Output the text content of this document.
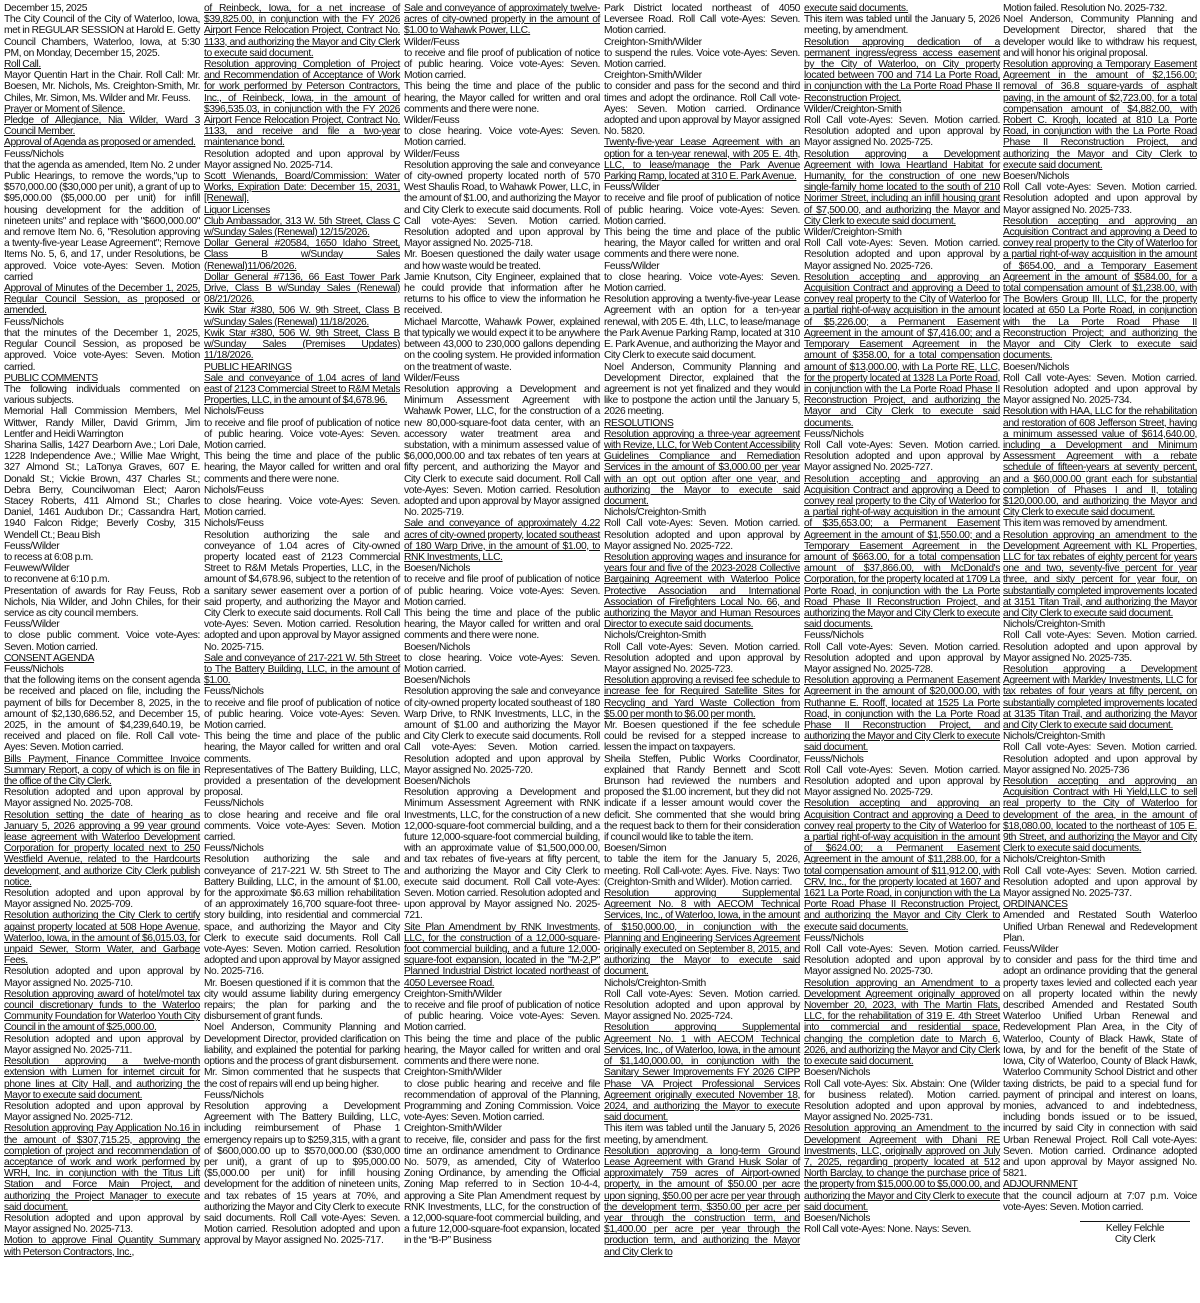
December 15, 2025

The City Council of the City of Waterloo, Iowa, met in REGULAR SESSION at Harold E. Getty Council Chambers, Waterloo, Iowa, at 5:30 PM, on Monday, December 15, 2025.

Roll Call.

Mayor Quentin Hart in the Chair. Roll Call: Mr. Boesen, Mr. Nichols, Ms. Creighton-Smith, Mr. Chiles, Mr. Simon, Ms. Wilder and Mr. Feuss.

Prayer or Moment of Silence.

Pledge of Allegiance, Nia Wilder, Ward 3 Council Member.

Approval of Agenda as proposed or amended.

Feuss/Nichols

that the agenda as amended, Item No. 2 under Public Hearings, to remove the words,"up to $570,000.00 ($30,000 per unit), a grant of up to $95,000.00 ($5,000.00 per unit) for infill housing development for the addition of nineteen units" and replace with "$600,000.00" and remove Item No. 6, "Resolution approving a twenty-five-year Lease Agreement"; Remove Items No. 5, 6, and 17, under Resolutions, be approved. Voice vote-Ayes: Seven. Motion carried

Approval of Minutes of the December 1, 2025, Regular Council Session, as proposed or amended.

Feuss/Nichols

that the minutes of the December 1, 2025, Regular Council Session, as proposed be approved. Voice vote-Ayes: Seven. Motion carried.

PUBLIC COMMENTS

The following individuals commented on various subjects.

Memorial Hall Commission Members, Mel Wittwer, Randy Miller, David Grimm, Jim Lentfer and Heidi Warrington

Sharina Sallis, 1427 Dearborn Ave.; Lori Dale, 1228 Independence Ave.; Willie Mae Wright, 327 Almond St.; LaTonya Graves, 607 E. Donald St.; Vickie Brown, 437 Charles St.; Debra Berry, Councilwoman Elect; Aaron Stacey Roberts, 411 Almond St.; Charles Daniel, 1461 Audubon Dr.; Cassandra Hart, 1940 Falcon Ridge; Beverly Cosby, 315 Wendell Ct.; Beau Bish

Feuss/Wilder

to recess at 6:08 p.m.

Feuwew/Wilder

to reconvene at 6:10 p.m.

Presentation of awards for Ray Feuss, Rob Nichols, Nia Wilder, and John Chiles, for their service as city council members.

Feuss/Wilder

to close public comment. Voice vote-Ayes: Seven. Motion carried.

CONSENT AGENDA

Feuss/Nichols

that the following items on the consent agenda be received and placed on file, including the payment of bills for December 8, 2025, in the amount of $2,130,686.52, and December 15, 2025, in the amount of $4,239,640.19, be received and placed on file. Roll Call vote-Ayes: Seven. Motion carried.

Bills Payment, Finance Committee Invoice Summary Report, a copy of which is on file in the office of the City Clerk.

Resolution adopted and upon approval by Mayor assigned No. 2025-708.

Resolution setting the date of hearing as January 5, 2026 approving a 99 year ground lease agreement with Waterloo Development Corporation for property located next to 250 Westfield Avenue, related to the Hardcourts development, and authorize City Clerk publish notice.

Resolution adopted and upon approval by Mayor assigned No. 2025-709.

Resolution authorizing the City Clerk to certify against property located at 508 Hope Avenue, Waterloo, Iowa, in the amount of $6,015.03, for unpaid Sewer, Storm Water, and Garbage Fees.

Resolution adopted and upon approval by Mayor assigned No. 2025-710.

Resolution approving award of hotel/motel tax council discretionary funds to the Waterloo Community Foundation for Waterloo Youth City Council in the amount of $25,000.00.

Resolution adopted and upon approval by Mayor assigned No. 2025-711.

Resolution approving a twelve-month extension with Lumen for internet circuit for phone lines at City Hall, and authorizing the Mayor to execute said document.

Resolution adopted and upon approval by Mayor assigned No. 2025-712.

Resolution approving Pay Application No.16 in the amount of $307,715.25, approving the completion of project and recommendation of acceptance of work and work performed by WRH, Inc. in conjunction with the Titus Lift Station and Force Main Project, and authorizing the Project Manager to execute said document.

Resolution adopted and upon approval by Mayor assigned No. 2025-713.

Motion to approve Final Quantity Summary with Peterson Contractors, Inc.,

of Reinbeck, Iowa, for a net increase of $39,825.00, in conjunction with the FY 2026 Airport Fence Relocation Project, Contract No. 1133, and authorizing the Mayor and City Clerk to execute said document.

Resolution approving Completion of Project and Recommendation of Acceptance of Work for work performed by Peterson Contractors, Inc., of Reinbeck, Iowa, in the amount of $396,535.03, in conjunction with the FY 2026 Airport Fence Relocation Project, Contract No. 1133, and receive and file a two-year maintenance bond.

Resolution adopted and upon approval by Mayor assigned No. 2025-714.

Scott Wienands, Board/Commission: Water Works, Expiration Date: December 15, 2031, [Renewal].

Liquor Licenses

Club Ambassador, 313 W. 5th Street, Class C w/Sunday Sales (Renewal) 12/15/2026.

Dollar General #20584, 1650 Idaho Street, Class B w/Sunday Sales (Renewal)11/06/2026.

Dollar General #7136, 66 East Tower Park Drive, Class B w/Sunday Sales (Renewal) 08/21/2026.

Kwik Star #380, 506 W. 9th Street, Class B w/Sunday Sales (Renewal) 11/18/2026.

Kwik Star #380, 506 W. 9th Street, Class B w/Sunday Sales (Premises Updates) 11/18/2026.

PUBLIC HEARINGS

Sale and conveyance of 1.04 acres of land east of 2123 Commercial Street to R&M Metals Properties, LLC, in the amount of $4,678.96.

Nichols/Feuss

to receive and file proof of publication of notice of public hearing. Voice vote-Ayes: Seven. Motion carried.

This being the time and place of the public hearing, the Mayor called for written and oral comments and there were none.

Nichols/Feuss

to close hearing. Voice vote-Ayes: Seven. Motion carried.

Nichols/Feuss

Resolution authorizing the sale and conveyance of 1.04 acres of City-owned property located east of 2123 Commercial Street to R&M Metals Properties, LLC, in the amount of $4,678.96, subject to the retention of a sanitary sewer easement over a portion of said property, and authorizing the Mayor and City Clerk to execute said documents. Roll Call vote-Ayes: Seven. Motion carried. Resolution adopted and upon approval by Mayor assigned No. 2025-715.

Sale and conveyance of 217-221 W. 5th Street to The Battery Building, LLC, in the amount of $1.00.

Feuss/Nichols

to receive and file proof of publication of notice of public hearing. Voice vote-Ayes: Seven. Motion carried.

This being the time and place of the public hearing, the Mayor called for written and oral comments.

Representatives of The Battery Building, LLC, provided a presentation of the development proposal.

Feuss/Nichols

to close hearing and receive and file oral comments. Voice vote-Ayes: Seven. Motion carried.

Feuss/Nichols

Resolution authorizing the sale and conveyance of 217-221 W. 5th Street to The Battery Building, LLC, in the amount of $1.00, for the approximate $6.63 million rehabilitation of an approximately 16,700 square-foot three-story building, into residential and commercial space, and authorizing the Mayor and City Clerk to execute said documents. Roll Call vote-Ayes: Seven. Motion carried. Resolution adopted and upon approval by Mayor assigned No. 2025-716.

Mr. Boesen questioned if it is common that the city would assume liability during emergency repairs; the plan for parking and the disbursement of grant funds.

Noel Anderson, Community Planning and Development Director, provided clarification on liability, and explained the potential for parking options and the process of grant disbursement.

Mr. Simon commented that he suspects that the cost of repairs will end up being higher.

Feuss/Nichols

Resolution approving a Development Agreement with The Battery Building, LLC, including reimbursement of Phase 1 emergency repairs up to $259,315, with a grant of $600,000.00 up to $570,000.00 ($30,000 per unit), a grant of up to $95,000.00 ($5,000.00 per unit) for infill housing development for the addition of nineteen units, and tax rebates of 15 years at 70%, and authorizing the Mayor and City Clerk to execute said documents. Roll Call vote-Ayes: Seven. Motion carried. Resolution adopted and upon approval by Mayor assigned No. 2025-717.

Sale and conveyance of approximately twelve-acres of city-owned property in the amount of $1.00 to Wahawk Power, LLC.

Wilder/Feuss

to receive and file proof of publication of notice of public hearing. Voice vote-Ayes: Seven. Motion carried.

This being the time and place of the public hearing, the Mayor called for written and oral comments and there were none.

Wilder/Feuss

to close hearing. Voice vote-Ayes: Seven. Motion carried.

Wilder/Feuss

Resolution approving the sale and conveyance of city-owned property located north of 570 West Shaulis Road, to Wahawk Power, LLC, in the amount of $1.00, and authorizing the Mayor and City Clerk to execute said documents. Roll Call vote-Ayes: Seven. Motion carried. Resolution adopted and upon approval by Mayor assigned No. 2025-718.

Mr. Boesen questioned the daily water usage and how waste would be treated.

Jamie Knutson, City Engineer, explained that he could provide that information after he returns to his office to view the information he received.

Michael Marcotte, Wahawk Power, explained that typically we would expect it to be anywhere between 43,000 to 230,000 gallons depending on the cooling system. He provided information on the treatment of waste.

Wilder/Feuss

Resolution approving a Development and Minimum Assessment Agreement with Wahawk Power, LLC, for the construction of a new 80,000-square-foot data center, with an accessory water treatment area and substation, with a minimum assessed value of $6,000,000.00 and tax rebates of ten years at fifty percent, and authorizing the Mayor and City Clerk to execute said document. Roll Call vote-Ayes: Seven. Motion carried. Resolution adopted and upon approval by Mayor assigned No. 2025-719.

Sale and conveyance of approximately 4.22 acres of city-owned property, located southeast of 180 Warp Drive, in the amount of $1.00, to RNK Investments, LLC.

Boesen/Nichols

to receive and file proof of publication of notice of public hearing. Voice vote-Ayes: Seven. Motion carried.

This being the time and place of the public hearing, the Mayor called for written and oral comments and there were none.

Boesen/Nichols

to close hearing. Voice vote-Ayes: Seven. Motion carried.

Boesen/Nichols

Resolution approving the sale and conveyance of city-owned property located southeast of 180 Warp Drive, to RNK Investments, LLC, in the amount of $1.00 and authorizing the Mayor and City Clerk to execute said documents. Roll Call vote-Ayes: Seven. Motion carried. Resolution adopted and upon approval by Mayor assigned No. 2025-720.

Boesen/Nichols

Resolution approving a Development and Minimum Assessment Agreement with RNK Investments, LLC, for the construction of a new 12,000-square-foot commercial building, and a future 12,000-square-foot commercial building, with an approximate value of $1,500,000.00, and tax rebates of five-years at fifty percent, and authorizing the Mayor and City Clerk to execute said document. Roll Call vote-Ayes: Seven. Motion carried. Resolution adopted and upon approval by Mayor assigned No. 2025-721.

Site Plan Amendment by RNK Investments, LLC, for the construction of a 12,000-square-foot commercial building, and a future 12,000-square-foot expansion, located in the "M-2,P" Planned Industrial District located northeast of 4050 Leversee Road.

Creighton-Smith/Wilder

to receive and file proof of publication of notice of public hearing. Voice vote-Ayes: Seven. Motion carried.

This being the time and place of the public hearing, the Mayor called for written and oral comments and there were none.

Creighton-Smith/Wilder

to close public hearing and receive and file recommendation of approval of the Planning, Programming and Zoning Commission. Voice vote-Ayes: Seven. Motion carried.

Creighton-Smith/Wilder

to receive, file, consider and pass for the first time an ordinance amendment to Ordinance No. 5079, as amended, City of Waterloo Zoning Ordinance, by amending the Official Zoning Map referred to in Section 10-4-4, approving a Site Plan Amendment request by RNK Investments, LLC, for the construction of a 12,000-square-foot commercial building, and a future 12,000-square-foot expansion, located in the “B-P” Business

Park District located northeast of 4050 Leversee Road. Roll Call vote-Ayes: Seven. Motion carried.

Creighton-Smith/Wilder

to suspend the rules. Voice vote-Ayes: Seven. Motion carried.

Creighton-Smith/Wilder

to consider and pass for the second and third times and adopt the ordinance. Roll Call vote-Ayes: Seven. Motion carried. Ordinance adopted and upon approval by Mayor assigned No. 5820.

Twenty-five-year Lease Agreement with an option for a ten-year renewal, with 205 E. 4th, LLC, to lease/manage the Park Avenue Parking Ramp, located at 310 E. Park Avenue.

Feuss/Wilder

to receive and file proof of publication of notice of public hearing. Voice vote-Ayes: Seven. Motion carried.

This being the time and place of the public hearing, the Mayor called for written and oral comments and there were none.

Feuss/Wilder

to close hearing. Voice vote-Ayes: Seven. Motion carried.

Resolution approving a twenty-five-year Lease Agreement with an option for a ten-year renewal, with 205 E. 4th, LLC, to lease/manage the Park Avenue Parking Ramp, located at 310 E. Park Avenue, and authorizing the Mayor and City Clerk to execute said document.

Noel Anderson, Community Planning and Development Director, explained that the agreement is not yet finalized and they would like to postpone the action until the January 5, 2026 meeting.

RESOLUTIONS

Resolution approving a three-year agreement with Revize, LLC, for Web Content Accessibility Guidelines Compliance and Remediation Services in the amount of $3,000.00 per year with an opt out option after one year, and authorizing the Mayor to execute said document.

Nichols/Creighton-Smith

Roll Call vote-Ayes: Seven. Motion carried. Resolution adopted and upon approval by Mayor assigned No. 2025-722.

Resolution approving wages and insurance for years four and five of the 2023-2028 Collective Bargaining Agreement with Waterloo Police Protective Association and International Association of Firefighters Local No. 66, and authorizing the Mayor and Human Resources Director to execute said documents.

Nichols/Creighton-Smith

Roll Call vote-Ayes: Seven. Motion carried. Resolution adopted and upon approval by Mayor assigned No. 2025-723.

Resolution approving a revised fee schedule to increase fee for Required Satellite Sites for Recycling and Yard Waste Collection from $5.00 per month to $6.00 per month.

Mr. Boesen questioned if the fee schedule could be revised for a stepped increase to lessen the impact on taxpayers.

Sheila Steffen, Public Works Coordinator, explained that Randy Bennett and Scott Brunson had reviewed the numbers and proposed the $1.00 increment, but they did not indicate if a lesser amount would cover the deficit. She commented that she would bring the request back to them for their consideration if council would like to table the item.

Boesen/Simon

to table the item for the January 5, 2026, meeting. Roll Call-vote: Ayes. Five. Nays: Two (Creighton-Smith and Wilder). Motion carried.

Resolution approving Supplemental Agreement No. 8 with AECOM Technical Services, Inc., of Waterloo, Iowa, in the amount of $150,000.00, in conjunction with the Planning and Engineering Services Agreement originally executed on September 8, 2015, and authorizing the Mayor to execute said document.

Nichols/Creighton-Smith

Roll Call vote-Ayes: Seven. Motion carried. Resolution adopted and upon approval by Mayor assigned No. 2025-724.

Resolution approving Supplemental Agreement No. 1 with AECOM Technical Services, Inc., of Waterloo, Iowa, in the amount of $1,140,000.00, in conjunction with the Sanitary Sewer Improvements FY 2026 CIPP Phase VA Project Professional Services Agreement originally executed November 18, 2024, and authorizing the Mayor to execute said document.

This item was tabled until the January 5, 2026 meeting, by amendment.

Resolution approving a long-term Ground Lease Agreement with Grand Husk Solar of approximately 759 acres of Airport-owned property, in the amount of $50.00 per acre upon signing, $50.00 per acre per year through the development term, $350.00 per acre per year through the construction term, and $1,400.00 per acre per year through the production term, and authorizing the Mayor and City Clerk to

execute said documents.

This item was tabled until the January 5, 2026 meeting, by amendment.

Resolution approving dedication of a permanent ingress/egress access easement by the City of Waterloo, on City property located between 700 and 714 La Porte Road, in conjunction with the La Porte Road Phase II Reconstruction Project.

Wilder/Creighton-Smith

Roll Call vote-Ayes: Seven. Motion carried. Resolution adopted and upon approval by Mayor assigned No. 2025-725.

Resolution approving a Development Agreement with Iowa Heartland Habitat for Humanity, for the construction of one new single-family home located to the south of 210 Norimer Street, including an infill housing grant of $7,500.00, and authorizing the Mayor and City Clerk to execute said document.

Wilder/Creighton-Smith

Roll Call vote-Ayes: Seven. Motion carried. Resolution adopted and upon approval by Mayor assigned No. 2025-726.

Resolution accepting and approving an Acquisition Contract and approving a Deed to convey real property to the City of Waterloo for a partial right-of-way acquisition in the amount of $5,226.00; a Permanent Easement Agreement in the amount of $7,416.00; and a Temporary Easement Agreement in the amount of $358.00, for a total compensation amount of $13,000.00, with La Porte RE, LLC, for the property located at 1328 La Porte Road, in conjunction with the La Porte Road Phase II Reconstruction Project, and authorizing the Mayor and City Clerk to execute said documents.

Feuss/Nichols

Roll Call vote-Ayes: Seven. Motion carried. Resolution adopted and upon approval by Mayor assigned No. 2025-727.

Resolution accepting and approving an Acquisition Contract and approving a Deed to convey real property to the City of Waterloo for a partial right-of-way acquisition in the amount of $35,653.00; a Permanent Easement Agreement in the amount of $1,550.00; and a Temporary Easement Agreement in the amount of $663.00, for a total compensation amount of $37,866.00, with McDonald's Corporation, for the property located at 1709 La Porte Road, in conjunction with the La Porte Road Phase II Reconstruction Project, and authorizing the Mayor and City Clerk to execute said documents.

Feuss/Nichols

Roll Call vote-Ayes: Seven. Motion carried. Resolution adopted and upon approval by Mayor assigned No. 2025-728.

Resolution approving a Permanent Easement Agreement in the amount of $20,000.00, with Ruthanne E. Rooff, located at 1525 La Porte Road, in conjunction with the La Porte Road Phase II Reconstruction Project, and authorizing the Mayor and City Clerk to execute said document.

Feuss/Nichols

Roll Call vote-Ayes: Seven. Motion carried. Resolution adopted and upon approval by Mayor assigned No. 2025-729.

Resolution accepting and approving an Acquisition Contract and approving a Deed to convey real property to the City of Waterloo for a partial right-of-way acquisition in the amount of $624.00; a Permanent Easement Agreement in the amount of $11,288.00, for a total compensation amount of $11,912.00, with CRV, Inc., for the property located at 1607 and 1621 La Porte Road, in conjunction with the La Porte Road Phase II Reconstruction Project, and authorizing the Mayor and City Clerk to execute said documents.

Feuss/Nichols

Roll Call vote-Ayes: Seven. Motion carried. Resolution adopted and upon approval by Mayor assigned No. 2025-730.

Resolution approving an Amendment to a Development Agreement originally approved November 20, 2023, with The Martin Flats, LLC, for the rehabilitation of 319 E. 4th Street into commercial and residential space, changing the completion date to March 6, 2026, and authorizing the Mayor and City Clerk to execute said document.

Boesen/Nichols

Roll Call vote-Ayes: Six. Abstain: One (Wilder for business related). Motion carried. Resolution adopted and upon approval by Mayor assigned No. 2025-731.

Resolution approving an Amendment to the Development Agreement with Dhani RE Investments, LLC, originally approved on July 7, 2025, regarding property located at 512 North Barclay, to change the purchase price of the property from $15,000.00 to $5,000.00, and authorizing the Mayor and City Clerk to execute said document.

Boesen/Nichols

Roll Call vote-Ayes: None. Nays: Seven.

Motion failed. Resolution No. 2025-732.

Noel Anderson, Community Planning and Development Director, shared that the developer would like to withdraw his request, and will honor his original proposal.

Resolution approving a Temporary Easement Agreement in the amount of $2,156.00; removal of 36.8 square-yards of asphalt paving, in the amount of $2,723.00, for a total compensation amount of $4,882.00, with Robert C. Krogh, located at 810 La Porte Road, in conjunction with the La Porte Road Phase II Reconstruction Project, and authorizing the Mayor and City Clerk to execute said document.

Boesen/Nichols

Roll Call vote-Ayes: Seven. Motion carried. Resolution adopted and upon approval by Mayor assigned No. 2025-733.

Resolution accepting and approving an Acquisition Contract and approving a Deed to convey real property to the City of Waterloo for a partial right-of-way acquisition in the amount of $654.00, and a Temporary Easement Agreement in the amount of $584.00, for a total compensation amount of $1,238.00, with The Bowlers Group III, LLC, for the property located at 650 La Porte Road, in conjunction with the La Porte Road Phase II Reconstruction Project; and authorizing the Mayor and City Clerk to execute said documents.

Boesen/Nichols

Roll Call vote-Ayes: Seven. Motion carried. Resolution adopted and upon approval by Mayor assigned No. 2025-734.

Resolution with HAA, LLC for the rehabilitation and restoration of 608 Jefferson Street, having a minimum assessed value of $614,640.00, including a Development and Minimum Assessment Agreement with a rebate schedule of fifteen-years at seventy percent, and a $60,000.00 grant each for substantial completion of Phases I and II, totaling $120,000.00, and authorizing the Mayor and City Clerk to execute said document.

This item was removed by amendment.

Resolution approving an amendment to the Development Agreement with KL Properties, LLC for tax rebates of eighty percent for years one and two, seventy-five percent for year three, and sixty percent for year four, on substantially completed improvements located at 3151 Titan Trail, and authorizing the Mayor and City Clerk to execute said document.

Nichols/Creighton-Smith

Roll Call vote-Ayes: Seven. Motion carried. Resolution adopted and upon approval by Mayor assigned No. 2025-735.

Resolution approving a Development Agreement with Markley Investments, LLC for tax rebates of four years at fifty percent, on substantially completed improvements located at 3135 Titan Trail, and authorizing the Mayor and City Clerk to execute said document.

Nichols/Creighton-Smith

Roll Call vote-Ayes: Seven. Motion carried. Resolution adopted and upon approval by Mayor assigned No. 2025-736

Resolution accepting and approving an Acquisition Contract with Hi Yield,LLC to sell real property to the City of Waterloo for development of the area, in the amount of $18,080.00, located to the northeast of 105 E. 9th Street, and authorizing the Mayor and City Clerk to execute said documents.

Nichols/Creighton-Smith

Roll Call vote-Ayes: Seven. Motion carried. Resolution adopted and upon approval by Mayor assigned No. 2025-737.

ORDINANCES

Amended and Restated South Waterloo Unified Urban Renewal and Redevelopment Plan.

Feuss/Wilder

to consider and pass for the third time and adopt an ordinance providing that the general property taxes levied and collected each year on all property located within the newly described Amended and Restated South Waterloo Unified Urban Renewal and Redevelopment Plan Area, in the City of Waterloo, County of Black Hawk, State of Iowa, by and for the benefit of the State of Iowa, City of Waterloo, County of Black Hawk, Waterloo Community School District and other taxing districts, be paid to a special fund for payment of principal and interest on loans, monies, advanced to and indebtedness, including bonds issued or to be issued, incurred by said City in connection with said Urban Renewal Project. Roll Call vote-Ayes: Seven. Motion carried. Ordinance adopted and upon approval by Mayor assigned No. 5821.

ADJOURNMENT

that the council adjourn at 7:07 p.m. Voice vote-Ayes: Seven. Motion carried.

Kelley Felchle
City Clerk
